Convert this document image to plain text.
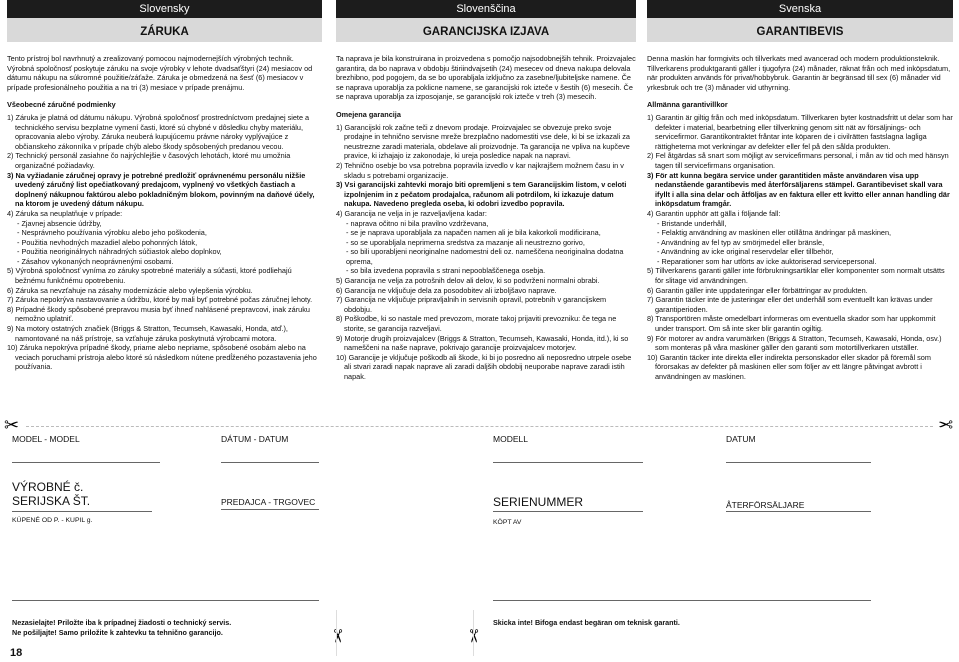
Slovensky
ZÁRUKA

Tento prístroj bol navrhnutý a zrealizovaný pomocou najmodernejších výrobných technik. Výrobná spoločnosť poskytuje záruku na svoje výrobky v lehote dvadsaťštyri (24) mesiacov od dátumu nákupu na súkromné použitie/záťaže. Záruka je obmedzená na šesť (6) mesiacov v prípade profesionálneho použitia a na tri (3) mesiace v prípade prenájmu.

Všeobecné záručné podmienky

1) Záruka je platná od dátumu nákupu. Výrobná spoločnosť prostredníctvom predajnej siete a technického servisu bezplatne vymení časti, ktoré sú chybné v dôsledku chyby materiálu, opracovania alebo výroby. Záruka neuberá kupujúcemu právne nároky vyplývajúce z občianskeho zákonníka v prípade chýb alebo škody spôsobených predanou vecou.

2) Technický personál zasiahne čo najrýchlejšie v časových lehotách, ktoré mu umožnia organizačné požiadavky.

3) Na vyžiadanie záručnej opravy je potrebné predložiť oprávnenému personálu nižšie uvedený záručný list opečiatkovaný predajcom, vyplnený vo všetkých častiach a doplnený nákupnou faktúrou alebo pokladničným blokom, povinným na daňové účely, na ktorom je uvedený dátum nákupu.

4) Záruka sa neuplatňuje v prípade:

- Zjavnej absencie údržby,

- Nesprávneho používania výrobku alebo jeho poškodenia,

- Použitia nevhodných mazadiel alebo pohonných látok,

- Použitia neoriginálnych náhradných súčiastok alebo doplnkov,

- Zásahov vykonaných neoprávnenými osobami.

5) Výrobná spoločnosť vyníma zo záruky spotrebné materiály a súčasti, ktoré podliehajú bežnému funkčnému opotrebeniu.

6) Záruka sa nevzťahuje na zásahy modernizácie alebo vylepšenia výrobku.

7) Záruka nepokrýva nastavovanie a údržbu, ktoré by mali byť potrebné počas záručnej lehoty.

8) Prípadné škody spôsobené prepravou musia byť ihneď nahlásené prepravcovi, inak záruku nemožno uplatniť.

9) Na motory ostatných značiek (Briggs & Stratton, Tecumseh, Kawasaki, Honda, atď.), namontované na náš prístroje, sa vzťahuje záruka poskytnutá výrobcami motora.

10) Záruka nepokrýva prípadné škody, priame alebo nepriame, spôsobené osobám alebo na veciach poruchami prístroja alebo ktoré sú následkom nútene predĺženého pozastavenia jeho používania.

Slovenščina
GARANCIJSKA IZJAVA

Ta naprava je bila konstruirana in proizvedena s pomočjo najsodobnejših tehnik. Proizvajalec garantira, da bo naprava v obdobju štiriindvajsetih (24) mesecev od dneva nakupa delovala brezhibno, pod pogojem, da se bo uporabljala izključno za zasebne/ljubiteljske namene. Če se naprava uporablja za poklicne namene, se garancijski rok izteče v šestih (6) mesecih. Če se naprava uporablja za izposojanje, se garancijski rok izteče v treh (3) mesecih.

Omejena garancija

1) Garancijski rok začne teči z dnevom prodaje. Proizvajalec se obvezuje preko svoje prodajne in tehnično servisne mreže brezplačno nadomestiti vse dele, ki bi se izkazali za neustrezne zaradi materiala, obdelave ali proizvodnje. Ta garancija ne vpliva na kupčeve pravice, ki izhajajo iz zakonodaje, ki ureja posledice napak na napravi.

2) Tehnično osebje bo vsa potrebna popravila izvedlo v kar najkrajšem možnem času in v skladu s potrebami organizacije.

3) Vsi garancijski zahtevki morajo biti opremljeni s tem Garancijskim listom, v celoti izpolnjenim in z pečatom prodajalca, računom ali potrdilom, ki izkazuje datum nakupa. Navedeno pregleda oseba, ki odobri izvedbo popravila.

4) Garancija ne velja in je razveljavljena kadar:

- naprava očitno ni bila pravilno vzdrževana,

- se je naprava uporabljala za napačen namen ali je bila kakorkoli modificirana,

- so se uporabljala neprimerna sredstva za mazanje ali neustrezno gorivo,

- so bili uporabljeni neoriginalne nadomestni deli oz. nameščena neoriginalna dodatna oprema,

- so bila izvedena popravila s strani nepooblaščenega osebja.

5) Garancija ne velja za potrošnih delov ali delov, ki so podvrženi normalni obrabi.

6) Garancija ne vključuje dela za posodobitev ali izboljšavo naprave.

7) Garancija ne vključuje pripravljalnih in servisnih opravil, potrebnih v garancijskem obdobju.

8) Poškodbe, ki so nastale med prevozom, morate takoj prijaviti prevozniku: če tega ne storite, se garancija razveljavi.

9) Motorje drugih proizvajalcev (Briggs & Stratton, Tecumseh, Kawasaki, Honda, itd.), ki so nameščeni na naše naprave, pokrivajo garancije proizvajalcev motorjev.

10) Garancije je vključuje poškodb ali škode, ki bi jo posredno ali neposredno utrpele osebe ali stvari zaradi napak naprave ali zaradi daljših obdobij neuporabe naprave zaradi istih napak.

Svenska
GARANTIBEVIS

Denna maskin har formgivits och tillverkats med avancerad och modern produktionsteknik. Tillverkarens produktgaranti gäller i tjugofyra (24) månader, räknat från och med inköpsdatum, när produkten används för privat/hobbybruk. Garantin är begränsad till sex (6) månader vid yrkesbruk och tre (3) månader vid uthyrning.

Allmänna garantivillkor

1) Garantin är giltig från och med inköpsdatum. Tillverkaren byter kostnadsfritt ut delar som har defekter i material, bearbetning eller tillverkning genom sitt nät av försäljnings- och servicefirmor. Garantikontraktet fråntar inte köparen de i civilrätten fastslagna lagliga rättigheterna mot verkningar av defekter eller fel på den sålda produkten.

2) Fel åtgärdas så snart som möjligt av servicefirmans personal, i mån av tid och med hänsyn tagen till servicefirmans organisation.

3) För att kunna begära service under garantitiden måste användaren visa upp nedanstående garantibevis med återförsäljarens stämpel. Garantibeviset skall vara ifyllt i alla sina delar och åtföljas av en faktura eller ett kvitto eller annan handling där inköpsdatum framgår.

4) Garantin upphör att gälla i följande fall:

- Bristande underhåll,

- Felaktig användning av maskinen eller otillåtna ändringar på maskinen,

- Användning av fel typ av smörjmedel eller bränsle,

- Användning av icke original reservdelar eller tillbehör,

- Reparationer som har utförts av icke auktoriserad servicepersonal.

5) Tillverkarens garanti gäller inte förbrukningsartiklar eller komponenter som normalt utsätts för slitage vid användningen.

6) Garantin gäller inte uppdateringar eller förbättringar av produkten.

7) Garantin täcker inte de justeringar eller det underhåll som eventuellt kan krävas under garantiperioden.

8) Transportören måste omedelbart informeras om eventuella skador som har uppkommit under transport. Om så inte sker blir garantin ogiltig.

9) För motorer av andra varumärken (Briggs & Stratton, Tecumseh, Kawasaki, Honda, osv.) som monteras på våra maskiner gäller den garanti som motortillverkaren utställer.

10) Garantin täcker inte direkta eller indirekta personskador eller skador på föremål som förorsakas av defekter på maskinen eller som följer av ett längre påtvingat avbrott i användningen av maskinen.

✂	✂
MODEL - MODEL	DÁTUM - DATUM
VÝROBNÉ č. SERIJSKA ŠT.	PREDAJCA - TRGOVEC
KÚPENÉ OD P. - KUPIL g.
Nezasielajte! Priložte iba k prípadnej žiadosti o technický servis.
Ne pošiljajte! Samo priložite k zahtevku ta tehnično garancijo.	✂
MODELL	DATUM
SERIENUMMER	ÅTERFÖRSÄLJARE
KÖPT AV
Skicka inte! Bifoga endast begäran om teknisk garanti.
✂
18
